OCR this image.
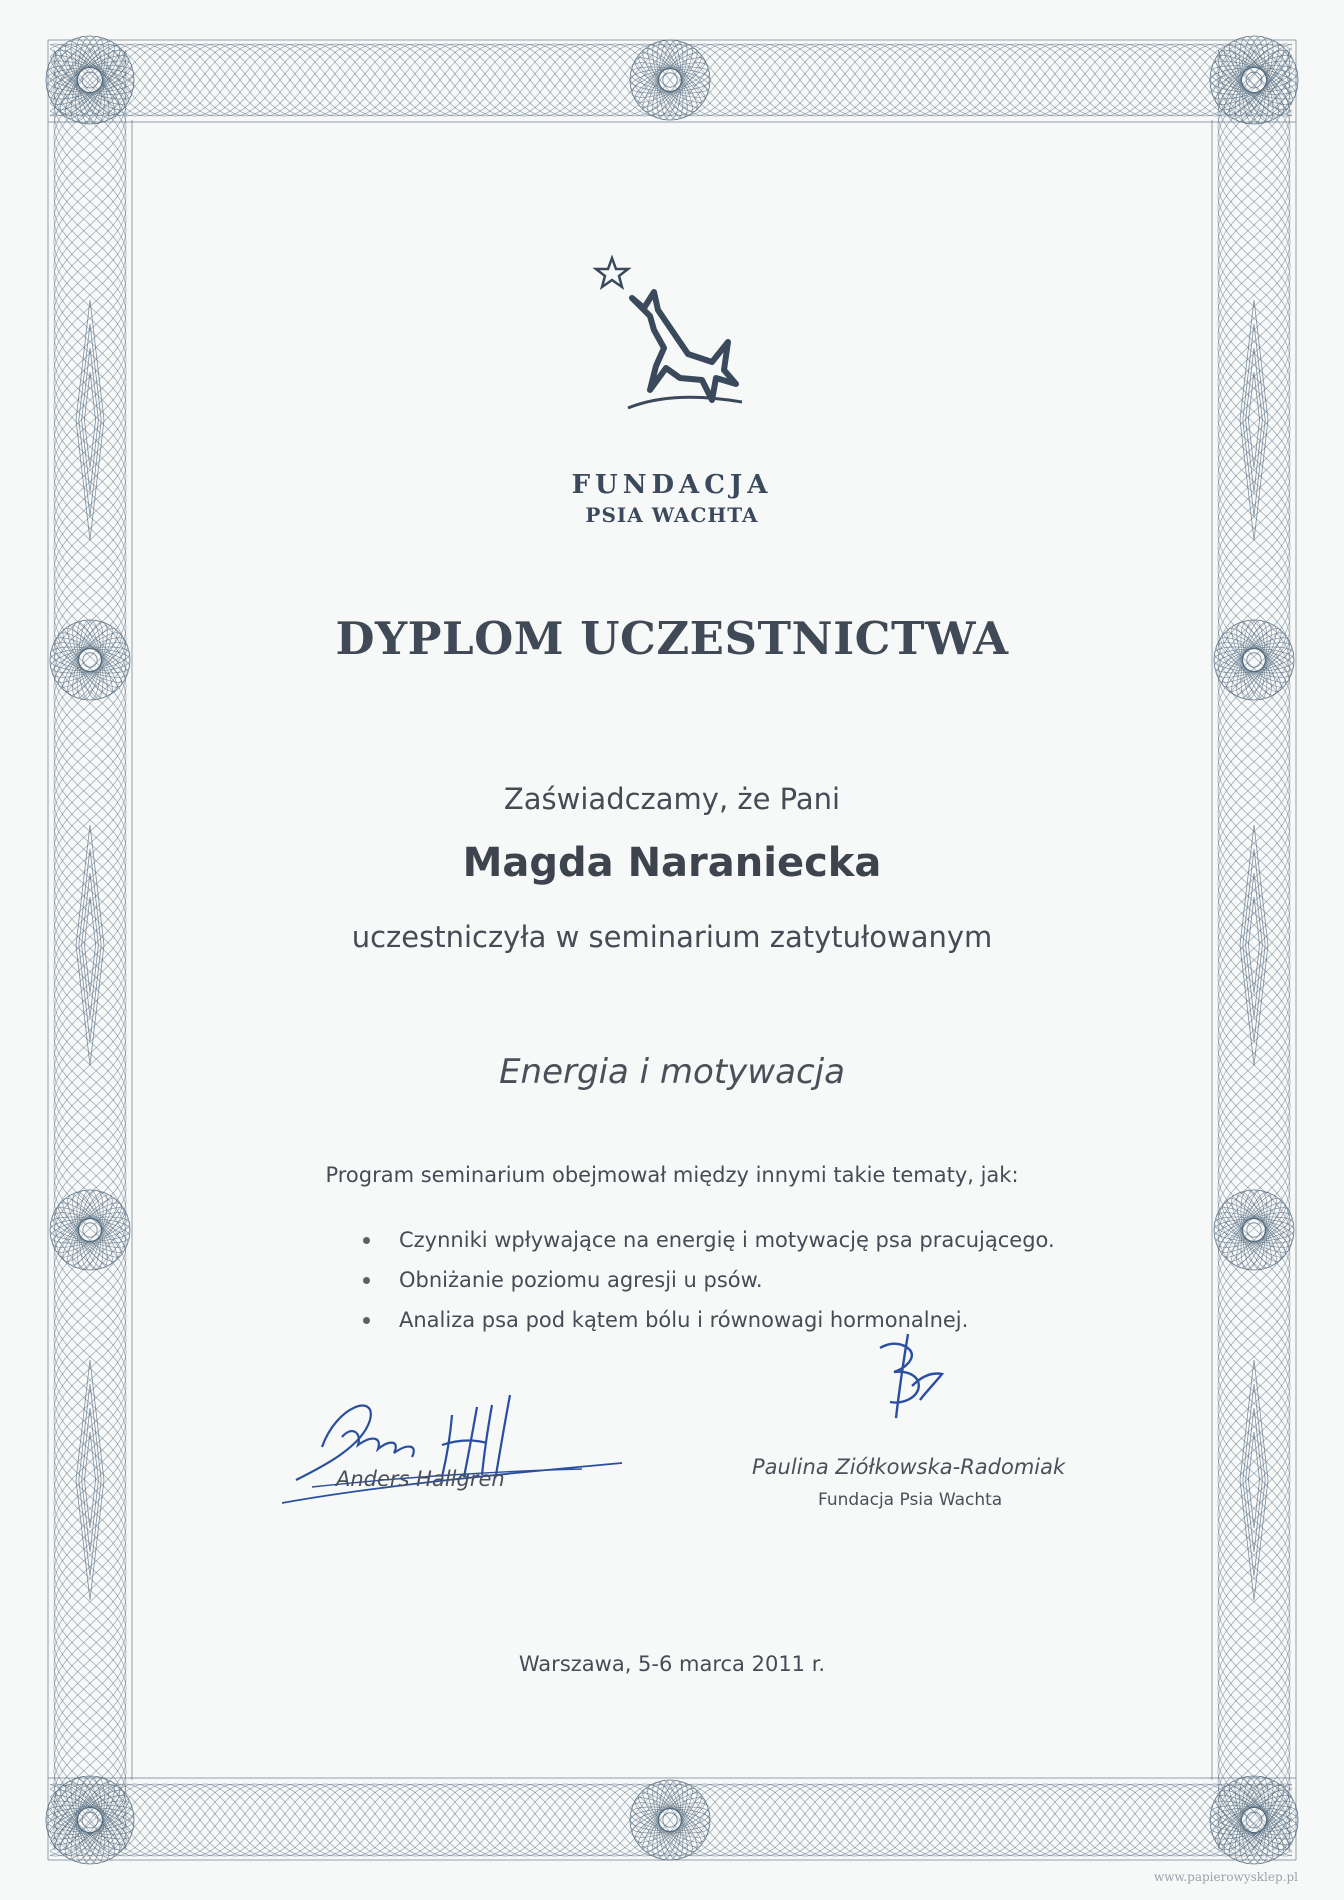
FUNDACJA

PSIA WACHTA

DYPLOM UCZESTNICTWA

Zaświadczamy, że Pani

Magda Naraniecka

uczestniczyła w seminarium zatytułowanym

Energia i motywacja

Program seminarium obejmował między innymi takie tematy, jak:

Czynniki wpływające na energię i motywację psa pracującego.
Obniżanie poziomu agresji u psów.
Analiza psa pod kątem bólu i równowagi hormonalnej.

Anders Hallgren	Paulina Ziółkowska-Radomiak

Fundacja Psia Wachta

Warszawa, 5-6 marca 2011 r.

www.papierowysklep.pl
